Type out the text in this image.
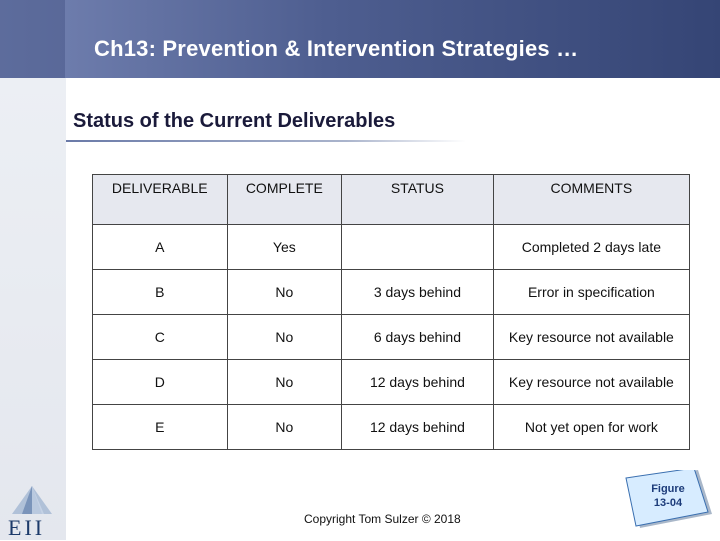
Ch13: Prevention & Intervention Strategies …
Status of the Current Deliverables
DELIVERABLE	COMPLETE	STATUS	COMMENTS
A	Yes		Completed 2 days late
B	No	3 days behind	Error in specification
C	No	6 days behind	Key resource not available
D	No	12 days behind	Key resource not available
E	No	12 days behind	Not yet open for work
Copyright Tom Sulzer © 2018
Figure
13-04
EII
